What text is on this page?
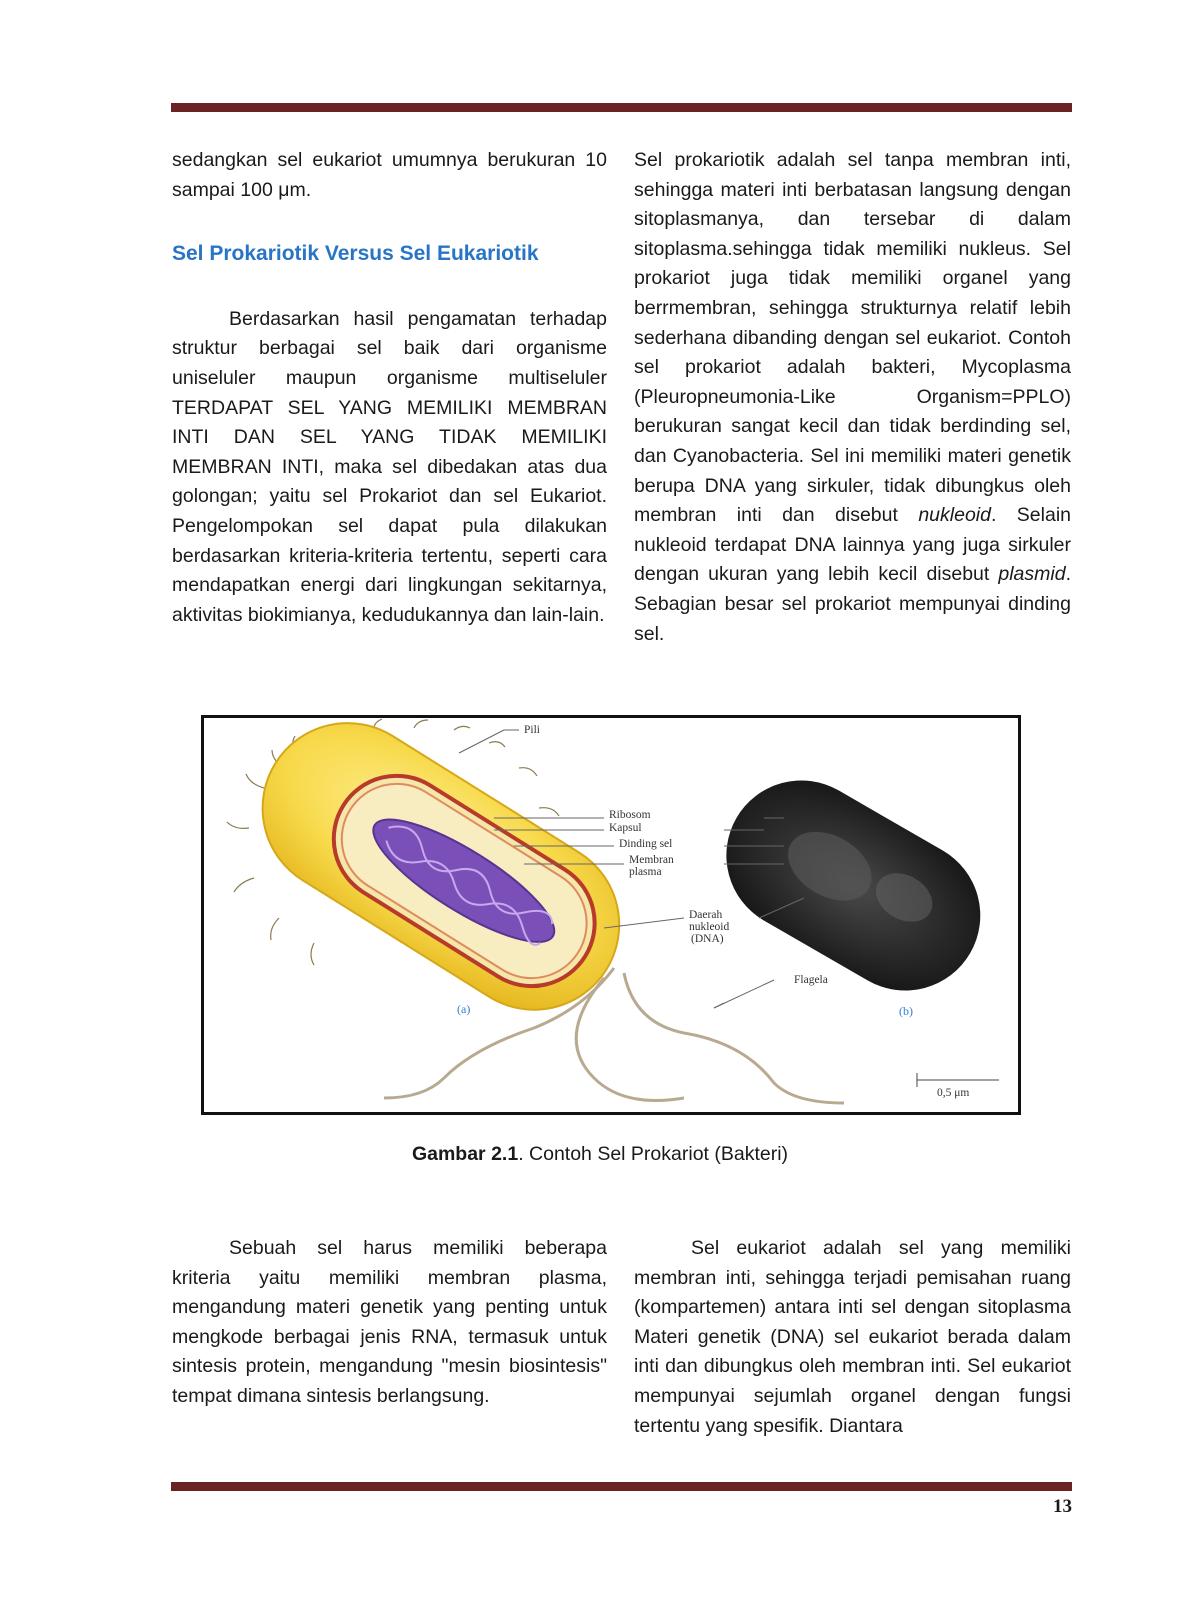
sedangkan sel eukariot umumnya berukuran 10 sampai 100 μm.

Sel Prokariotik Versus Sel Eukariotik

Berdasarkan hasil pengamatan terhadap struktur berbagai sel baik dari organisme uniseluler maupun organisme multiseluler TERDAPAT SEL YANG MEMILIKI MEMBRAN INTI DAN SEL YANG TIDAK MEMILIKI MEMBRAN INTI, maka sel dibedakan atas dua golongan; yaitu sel Prokariot dan sel Eukariot. Pengelompokan sel dapat pula dilakukan berdasarkan kriteria-kriteria tertentu, seperti cara mendapatkan energi dari lingkungan sekitarnya, aktivitas biokimianya, kedudukannya dan lain-lain.

Sel prokariotik adalah sel tanpa membran inti, sehingga materi inti berbatasan langsung dengan sitoplasmanya, dan tersebar di dalam sitoplasma.sehingga tidak memiliki nukleus. Sel prokariot juga tidak memiliki organel yang berrmembran, sehingga strukturnya relatif lebih sederhana dibanding dengan sel eukariot. Contoh sel prokariot adalah bakteri, Mycoplasma (Pleuropneumonia-Like Organism=PPLO) berukuran sangat kecil dan tidak berdinding sel, dan Cyanobacteria. Sel ini memiliki materi genetik berupa DNA yang sirkuler, tidak dibungkus oleh membran inti dan disebut nukleoid. Selain nukleoid terdapat DNA lainnya yang juga sirkuler dengan ukuran yang lebih kecil disebut plasmid. Sebagian besar sel prokariot mempunyai dinding sel.

Pili
Ribosom
Kapsul
Dinding sel
Membran
plasma
Daerah
nukleoid
(DNA)
Flagela
(a)	(b)
0,5 μm
Gambar 2.1. Contoh Sel Prokariot (Bakteri)

Sebuah sel harus memiliki beberapa kriteria yaitu memiliki membran plasma, mengandung materi genetik yang penting untuk mengkode berbagai jenis RNA, termasuk untuk sintesis protein, mengandung "mesin biosintesis" tempat dimana sintesis berlangsung.

Sel eukariot adalah sel yang memiliki membran inti, sehingga terjadi pemisahan ruang (kompartemen) antara inti sel dengan sitoplasma Materi genetik (DNA) sel eukariot berada dalam inti dan dibungkus oleh membran inti. Sel eukariot mempunyai sejumlah organel dengan fungsi tertentu yang spesifik. Diantara

13
